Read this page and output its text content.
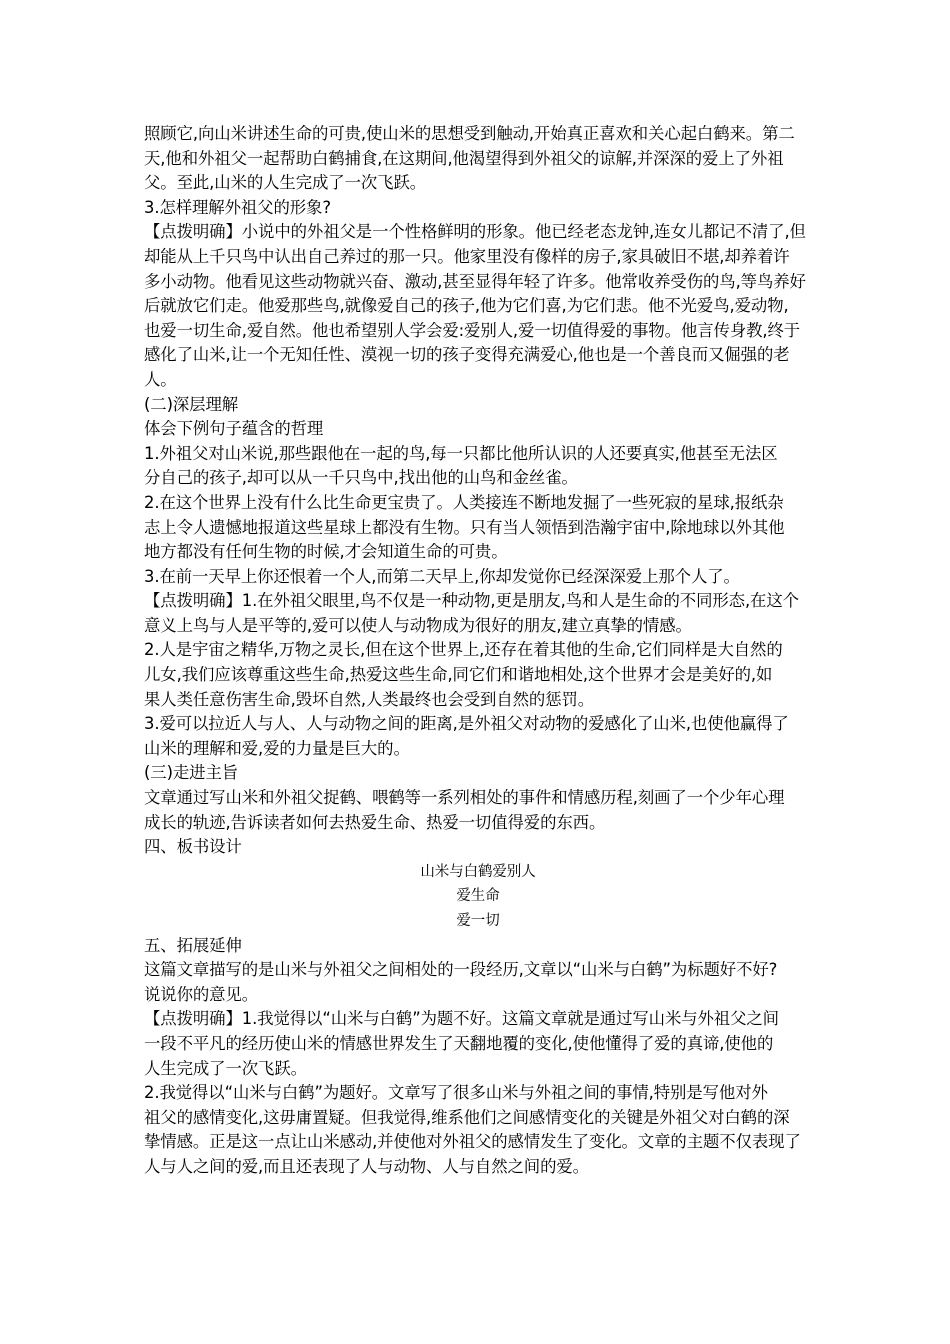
照顾它,向山米讲述生命的可贵,使山米的思想受到触动,开始真正喜欢和关心起白鹤来。第二
天,他和外祖父一起帮助白鹤捕食,在这期间,他渴望得到外祖父的谅解,并深深的爱上了外祖
父。至此,山米的人生完成了一次飞跃。
3.怎样理解外祖父的形象?
【点拨明确】小说中的外祖父是一个性格鲜明的形象。他已经老态龙钟,连女儿都记不清了,但
却能从上千只鸟中认出自己养过的那一只。他家里没有像样的房子,家具破旧不堪,却养着许
多小动物。他看见这些动物就兴奋、激动,甚至显得年轻了许多。他常收养受伤的鸟,等鸟养好
后就放它们走。他爱那些鸟,就像爱自己的孩子,他为它们喜,为它们悲。他不光爱鸟,爱动物,
也爱一切生命,爱自然。他也希望别人学会爱:爱别人,爱一切值得爱的事物。他言传身教,终于
感化了山米,让一个无知任性、漠视一切的孩子变得充满爱心,他也是一个善良而又倔强的老
人。
(二)深层理解
体会下例句子蕴含的哲理
1.外祖父对山米说,那些跟他在一起的鸟,每一只都比他所认识的人还要真实,他甚至无法区
分自己的孩子,却可以从一千只鸟中,找出他的山鸟和金丝雀。
2.在这个世界上没有什么比生命更宝贵了。人类接连不断地发掘了一些死寂的星球,报纸杂
志上令人遗憾地报道这些星球上都没有生物。只有当人领悟到浩瀚宇宙中,除地球以外其他
地方都没有任何生物的时候,才会知道生命的可贵。
3.在前一天早上你还恨着一个人,而第二天早上,你却发觉你已经深深爱上那个人了。
【点拨明确】1.在外祖父眼里,鸟不仅是一种动物,更是朋友,鸟和人是生命的不同形态,在这个
意义上鸟与人是平等的,爱可以使人与动物成为很好的朋友,建立真挚的情感。
2.人是宇宙之精华,万物之灵长,但在这个世界上,还存在着其他的生命,它们同样是大自然的
儿女,我们应该尊重这些生命,热爱这些生命,同它们和谐地相处,这个世界才会是美好的,如
果人类任意伤害生命,毁坏自然,人类最终也会受到自然的惩罚。
3.爱可以拉近人与人、人与动物之间的距离,是外祖父对动物的爱感化了山米,也使他赢得了
山米的理解和爱,爱的力量是巨大的。
(三)走进主旨
文章通过写山米和外祖父捉鹤、喂鹤等一系列相处的事件和情感历程,刻画了一个少年心理
成长的轨迹,告诉读者如何去热爱生命、热爱一切值得爱的东西。
四、板书设计
山米与白鹤爱别人
爱生命
爱一切
五、拓展延伸
这篇文章描写的是山米与外祖父之间相处的一段经历,文章以“山米与白鹤”为标题好不好?
说说你的意见。
【点拨明确】1.我觉得以“山米与白鹤”为题不好。这篇文章就是通过写山米与外祖父之间
一段不平凡的经历使山米的情感世界发生了天翻地覆的变化,使他懂得了爱的真谛,使他的
人生完成了一次飞跃。
2.我觉得以“山米与白鹤”为题好。文章写了很多山米与外祖之间的事情,特别是写他对外
祖父的感情变化,这毋庸置疑。但我觉得,维系他们之间感情变化的关键是外祖父对白鹤的深
挚情感。正是这一点让山米感动,并使他对外祖父的感情发生了变化。文章的主题不仅表现了
人与人之间的爱,而且还表现了人与动物、人与自然之间的爱。
